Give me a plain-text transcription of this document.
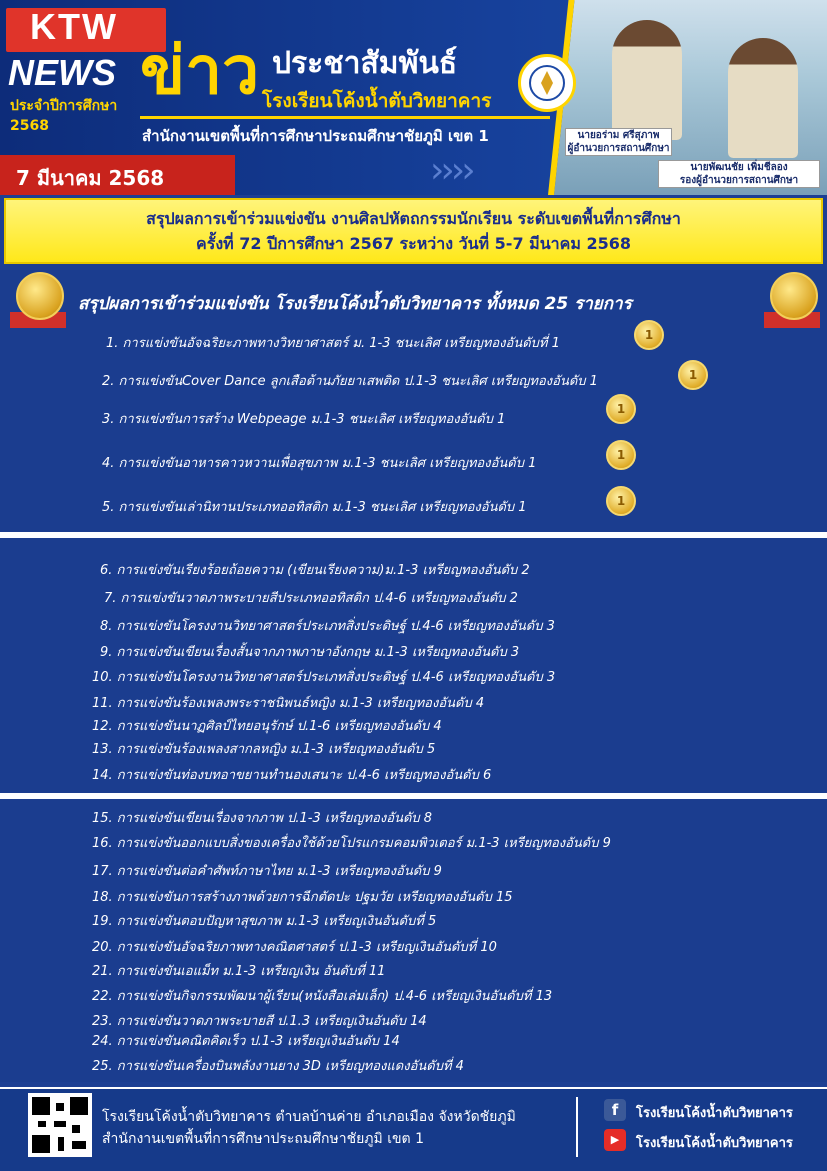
นายอร่าม ศรีสุภาพ
ผู้อำนวยการสถานศึกษา
นายพัฒนชัย เพิ่มชีลอง
รองผู้อำนวยการสถานศึกษา
KTW
NEWS
ประจำปีการศึกษา 2568
ข่าว ประชาสัมพันธ์
โรงเรียนโค้งน้ำตับวิทยาคาร
สำนักงานเขตพื้นที่การศึกษาประถมศึกษาชัยภูมิ เขต 1
7 มีนาคม 2568	››››
สรุปผลการเข้าร่วมแข่งขัน งานศิลปหัตถกรรมนักเรียน ระดับเขตพื้นที่การศึกษา
ครั้งที่ 72 ปีการศึกษา 2567 ระหว่าง วันที่ 5-7 มีนาคม 2568
สรุปผลการเข้าร่วมแข่งขัน โรงเรียนโค้งน้ำตับวิทยาคาร ทั้งหมด 25 รายการ
1. การแข่งขันอัจฉริยะภาพทางวิทยาศาสตร์ ม. 1-3 ชนะเลิศ เหรียญทองอันดับที่ 1
1
2. การแข่งขันCover Dance ลูกเสือต้านภัยยาเสพติด ป.1-3 ชนะเลิศ เหรียญทองอันดับ 1	1
3. การแข่งขันการสร้าง Webpeage ม.1-3 ชนะเลิศ เหรียญทองอันดับ 1
1
4. การแข่งขันอาหารคาวหวานเพื่อสุขภาพ ม.1-3 ชนะเลิศ เหรียญทองอันดับ 1
1
5. การแข่งขันเล่านิทานประเภทออทิสติก ม.1-3 ชนะเลิศ เหรียญทองอันดับ 1	1
6. การแข่งขันเรียงร้อยถ้อยความ (เขียนเรียงความ)ม.1-3 เหรียญทองอันดับ 2
7. การแข่งขันวาดภาพระบายสีประเภทออทิสติก ป.4-6 เหรียญทองอันดับ 2
8. การแข่งขันโครงงานวิทยาศาสตร์ประเภทสิ่งประดิษฐ์ ป.4-6 เหรียญทองอันดับ 3
9. การแข่งขันเขียนเรื่องสั้นจากภาพภาษาอังกฤษ ม.1-3 เหรียญทองอันดับ 3
10. การแข่งขันโครงงานวิทยาศาสตร์ประเภทสิ่งประดิษฐ์ ป.4-6 เหรียญทองอันดับ 3
11. การแข่งขันร้องเพลงพระราชนิพนธ์หญิง ม.1-3 เหรียญทองอันดับ 4
12. การแข่งขันนาฏศิลป์ไทยอนุรักษ์ ป.1-6 เหรียญทองอันดับ 4
13. การแข่งขันร้องเพลงสากลหญิง ม.1-3 เหรียญทองอันดับ 5
14. การแข่งขันท่องบทอาขยานทำนองเสนาะ ป.4-6 เหรียญทองอันดับ 6
15. การแข่งขันเขียนเรื่องจากภาพ ป.1-3 เหรียญทองอันดับ 8
16. การแข่งขันออกแบบสิ่งของเครื่องใช้ด้วยโปรแกรมคอมพิวเตอร์ ม.1-3 เหรียญทองอันดับ 9
17. การแข่งขันต่อคำศัพท์ภาษาไทย ม.1-3 เหรียญทองอันดับ 9
18. การแข่งขันการสร้างภาพด้วยการฉีกตัดปะ ปฐมวัย เหรียญทองอันดับ 15
19. การแข่งขันตอบปัญหาสุขภาพ ม.1-3 เหรียญเงินอันดับที่ 5
20. การแข่งขันอัจฉริยภาพทางคณิตศาสตร์ ป.1-3 เหรียญเงินอันดับที่ 10
21. การแข่งขันเอแม็ท ม.1-3 เหรียญเงิน อันดับที่ 11
22. การแข่งขันกิจกรรมพัฒนาผู้เรียน(หนังสือเล่มเล็ก) ป.4-6 เหรียญเงินอันดับที่ 13
23. การแข่งขันวาดภาพระบายสี ป.1.3 เหรียญเงินอันดับ 14
24. การแข่งขันคณิตคิดเร็ว ป.1-3 เหรียญเงินอันดับ 14
25. การแข่งขันเครื่องบินพลังงานยาง 3D เหรียญทองแดงอันดับที่ 4
โรงเรียนโค้งน้ำตับวิทยาคาร ตำบลบ้านค่าย อำเภอเมือง จังหวัดชัยภูมิ
สำนักงานเขตพื้นที่การศึกษาประถมศึกษาชัยภูมิ เขต 1
f	โรงเรียนโค้งน้ำตับวิทยาคาร
▶	โรงเรียนโค้งน้ำตับวิทยาคาร
